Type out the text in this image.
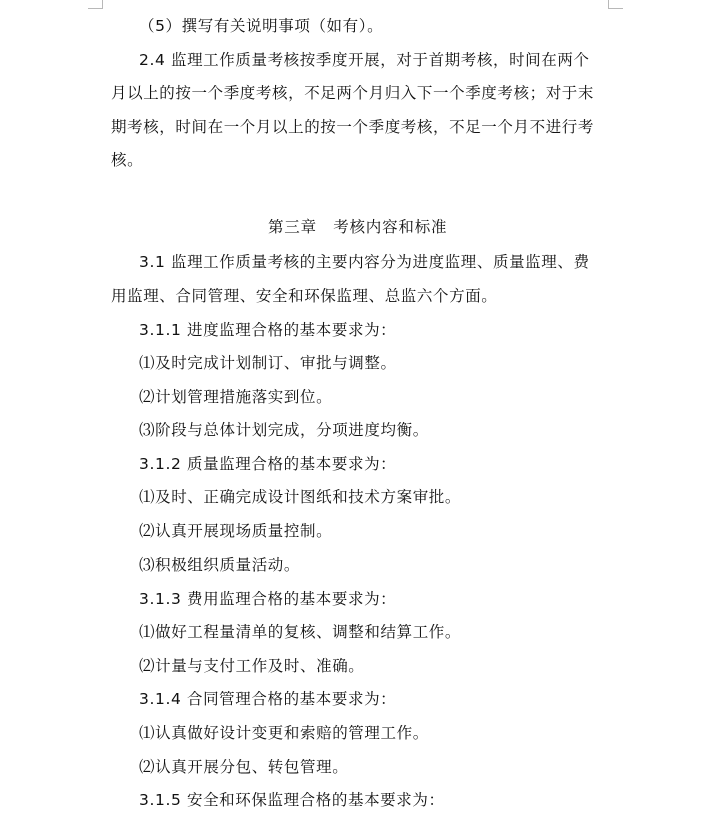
（5）撰写有关说明事项（如有）。
2.4 监理工作质量考核按季度开展，对于首期考核，时间在两个
月以上的按一个季度考核，不足两个月归入下一个季度考核；对于末
期考核，时间在一个月以上的按一个季度考核，不足一个月不进行考
核。
第三章　考核内容和标准
3.1 监理工作质量考核的主要内容分为进度监理、质量监理、费
用监理、合同管理、安全和环保监理、总监六个方面。
3.1.1 进度监理合格的基本要求为：
⑴及时完成计划制订、审批与调整。
⑵计划管理措施落实到位。
⑶阶段与总体计划完成，分项进度均衡。
3.1.2 质量监理合格的基本要求为：
⑴及时、正确完成设计图纸和技术方案审批。
⑵认真开展现场质量控制。
⑶积极组织质量活动。
3.1.3 费用监理合格的基本要求为：
⑴做好工程量清单的复核、调整和结算工作。
⑵计量与支付工作及时、准确。
3.1.4 合同管理合格的基本要求为：
⑴认真做好设计变更和索赔的管理工作。
⑵认真开展分包、转包管理。
3.1.5 安全和环保监理合格的基本要求为：
